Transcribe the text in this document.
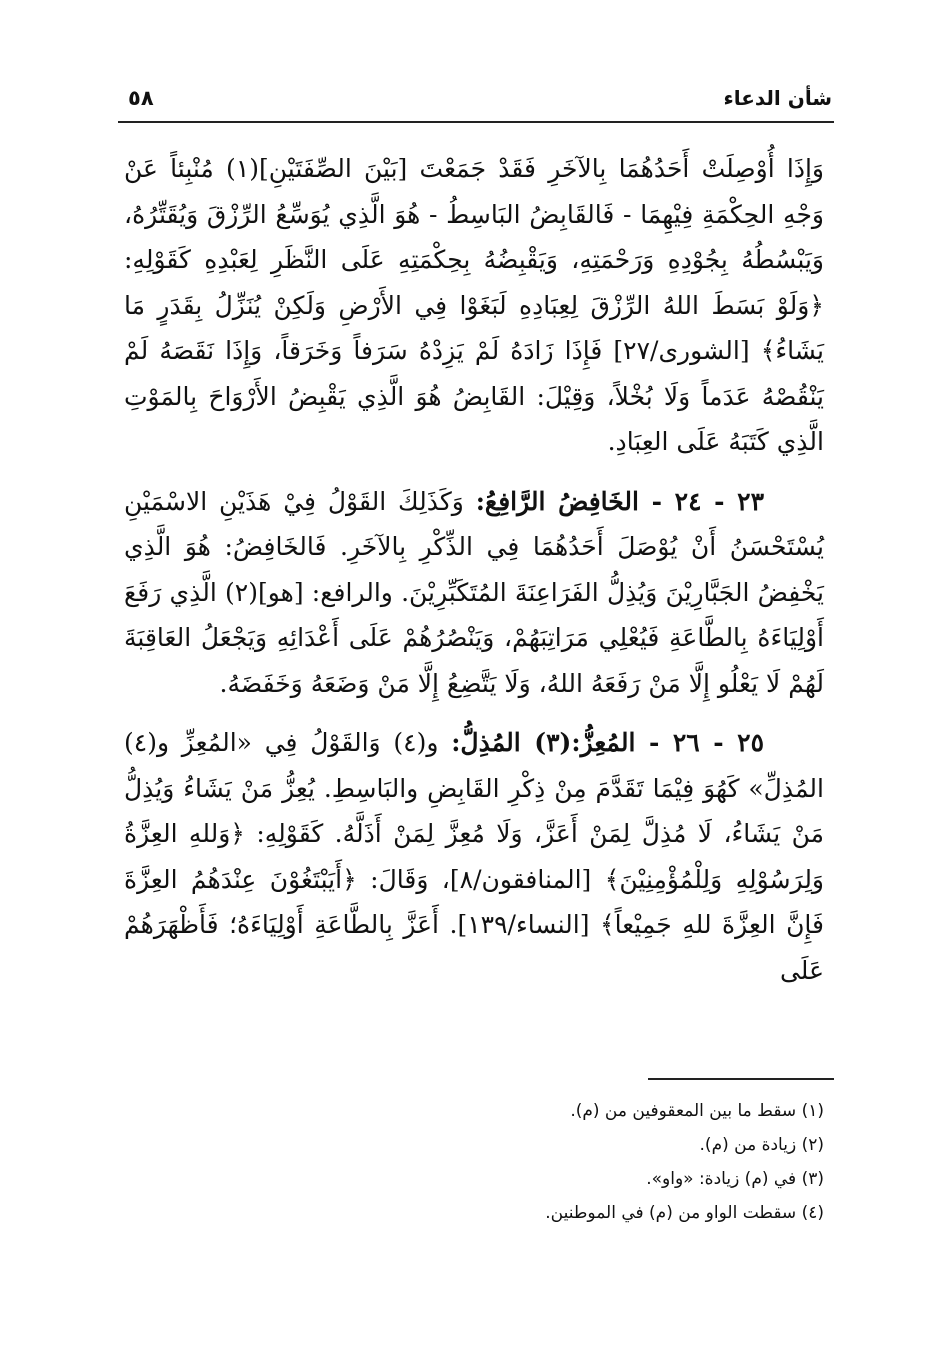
شأن الدعاء
٥٨

وَإِذَا أُوْصِلَتْ أَحَدُهُمَا بِالآخَرِ فَقَدْ جَمَعْتَ [بَيْنَ الصِّفَتَيْنِ](١) مُنْبِئاً عَنْ وَجْهِ الحِكْمَةِ فِيْهِمَا - فَالقَابِضُ البَاسِطُ - هُوَ الَّذِي يُوَسِّعُ الرِّزْقَ وَيُقَتِّرُهُ، وَيَبْسُطُهُ بِجُوْدِهِ وَرَحْمَتِهِ، وَيَقْبِضُهُ بِحِكْمَتِهِ عَلَى النَّظَرِ لِعَبْدِهِ كَقَوْلِهِ: ﴿وَلَوْ بَسَطَ اللهُ الرِّزْقَ لِعِبَادِهِ لَبَغَوْا فِي الأَرْضِ وَلَكِنْ يُنَزِّلُ بِقَدَرٍ مَا يَشَاءُ﴾ [الشورى/٢٧] فَإِذَا زَادَهُ لَمْ يَزِدْهُ سَرَفاً وَخَرَقاً، وَإِذَا نَقَصَهُ لَمْ يَنْقُصْهُ عَدَماً وَلَا بُخْلاً، وَقِيْلَ: القَابِضُ هُوَ الَّذِي يَقْبِضُ الأَرْوَاحَ بِالمَوْتِ الَّذِي كَتَبَهُ عَلَى العِبَادِ.

٢٣ - ٢٤ - الخَافِضُ الرَّافِعُ: وَكَذَلِكَ القَوْلُ فِيْ هَذَيْنِ الاسْمَيْنِ يُسْتَحْسَنُ أَنْ يُوْصَلَ أَحَدُهُمَا فِي الذِّكْرِ بِالآخَرِ. فَالخَافِضُ: هُوَ الَّذِي يَخْفِضُ الجَبَّارِيْنَ وَيُذِلُّ الفَرَاعِنَةَ المُتَكَبِّرِيْنَ. والرافع: [هو](٢) الَّذِي رَفَعَ أَوْلِيَاءَهُ بِالطَّاعَةِ فَيُعْلِي مَرَاتِبَهُمْ، وَيَنْصُرُهُمْ عَلَى أَعْدَائِهِ وَيَجْعَلُ العَاقِبَةَ لَهُمْ لَا يَعْلُو إِلَّا مَنْ رَفَعَهُ اللهُ، وَلَا يَتَّضِعُ إِلَّا مَنْ وَضَعَهُ وَخَفَضَهُ.

٢٥ - ٢٦ - المُعِزُّ:(٣) المُذِلُّ: و(٤) وَالقَوْلُ فِي «المُعِزِّ و(٤) المُذِلِّ» كَهُوَ فِيْمَا تَقَدَّمَ مِنْ ذِكْرِ القَابِضِ والبَاسِطِ. يُعِزُّ مَنْ يَشَاءُ وَيُذِلُّ مَنْ يَشَاءُ، لَا مُذِلَّ لِمَنْ أَعَزَّ، وَلَا مُعِزَّ لِمَنْ أَذَلَّهُ. كَقَوْلِهِ: ﴿وَللهِ العِزَّةُ وَلِرَسُوْلِهِ وَلِلْمُؤْمِنِيْنَ﴾ [المنافقون/٨]، وَقَالَ: ﴿أَيَبْتَغُوْنَ عِنْدَهُمُ العِزَّةَ فَإِنَّ العِزَّةَ للهِ جَمِيْعاً﴾ [النساء/١٣٩]. أَعَزَّ بِالطَّاعَةِ أَوْلِيَاءَهُ؛ فَأَظْهَرَهُمْ عَلَى

(١) سقط ما بين المعقوفين من (م).

(٢) زيادة من (م).

(٣) في (م) زيادة: «واو».

(٤) سقطت الواو من (م) في الموطنين.
